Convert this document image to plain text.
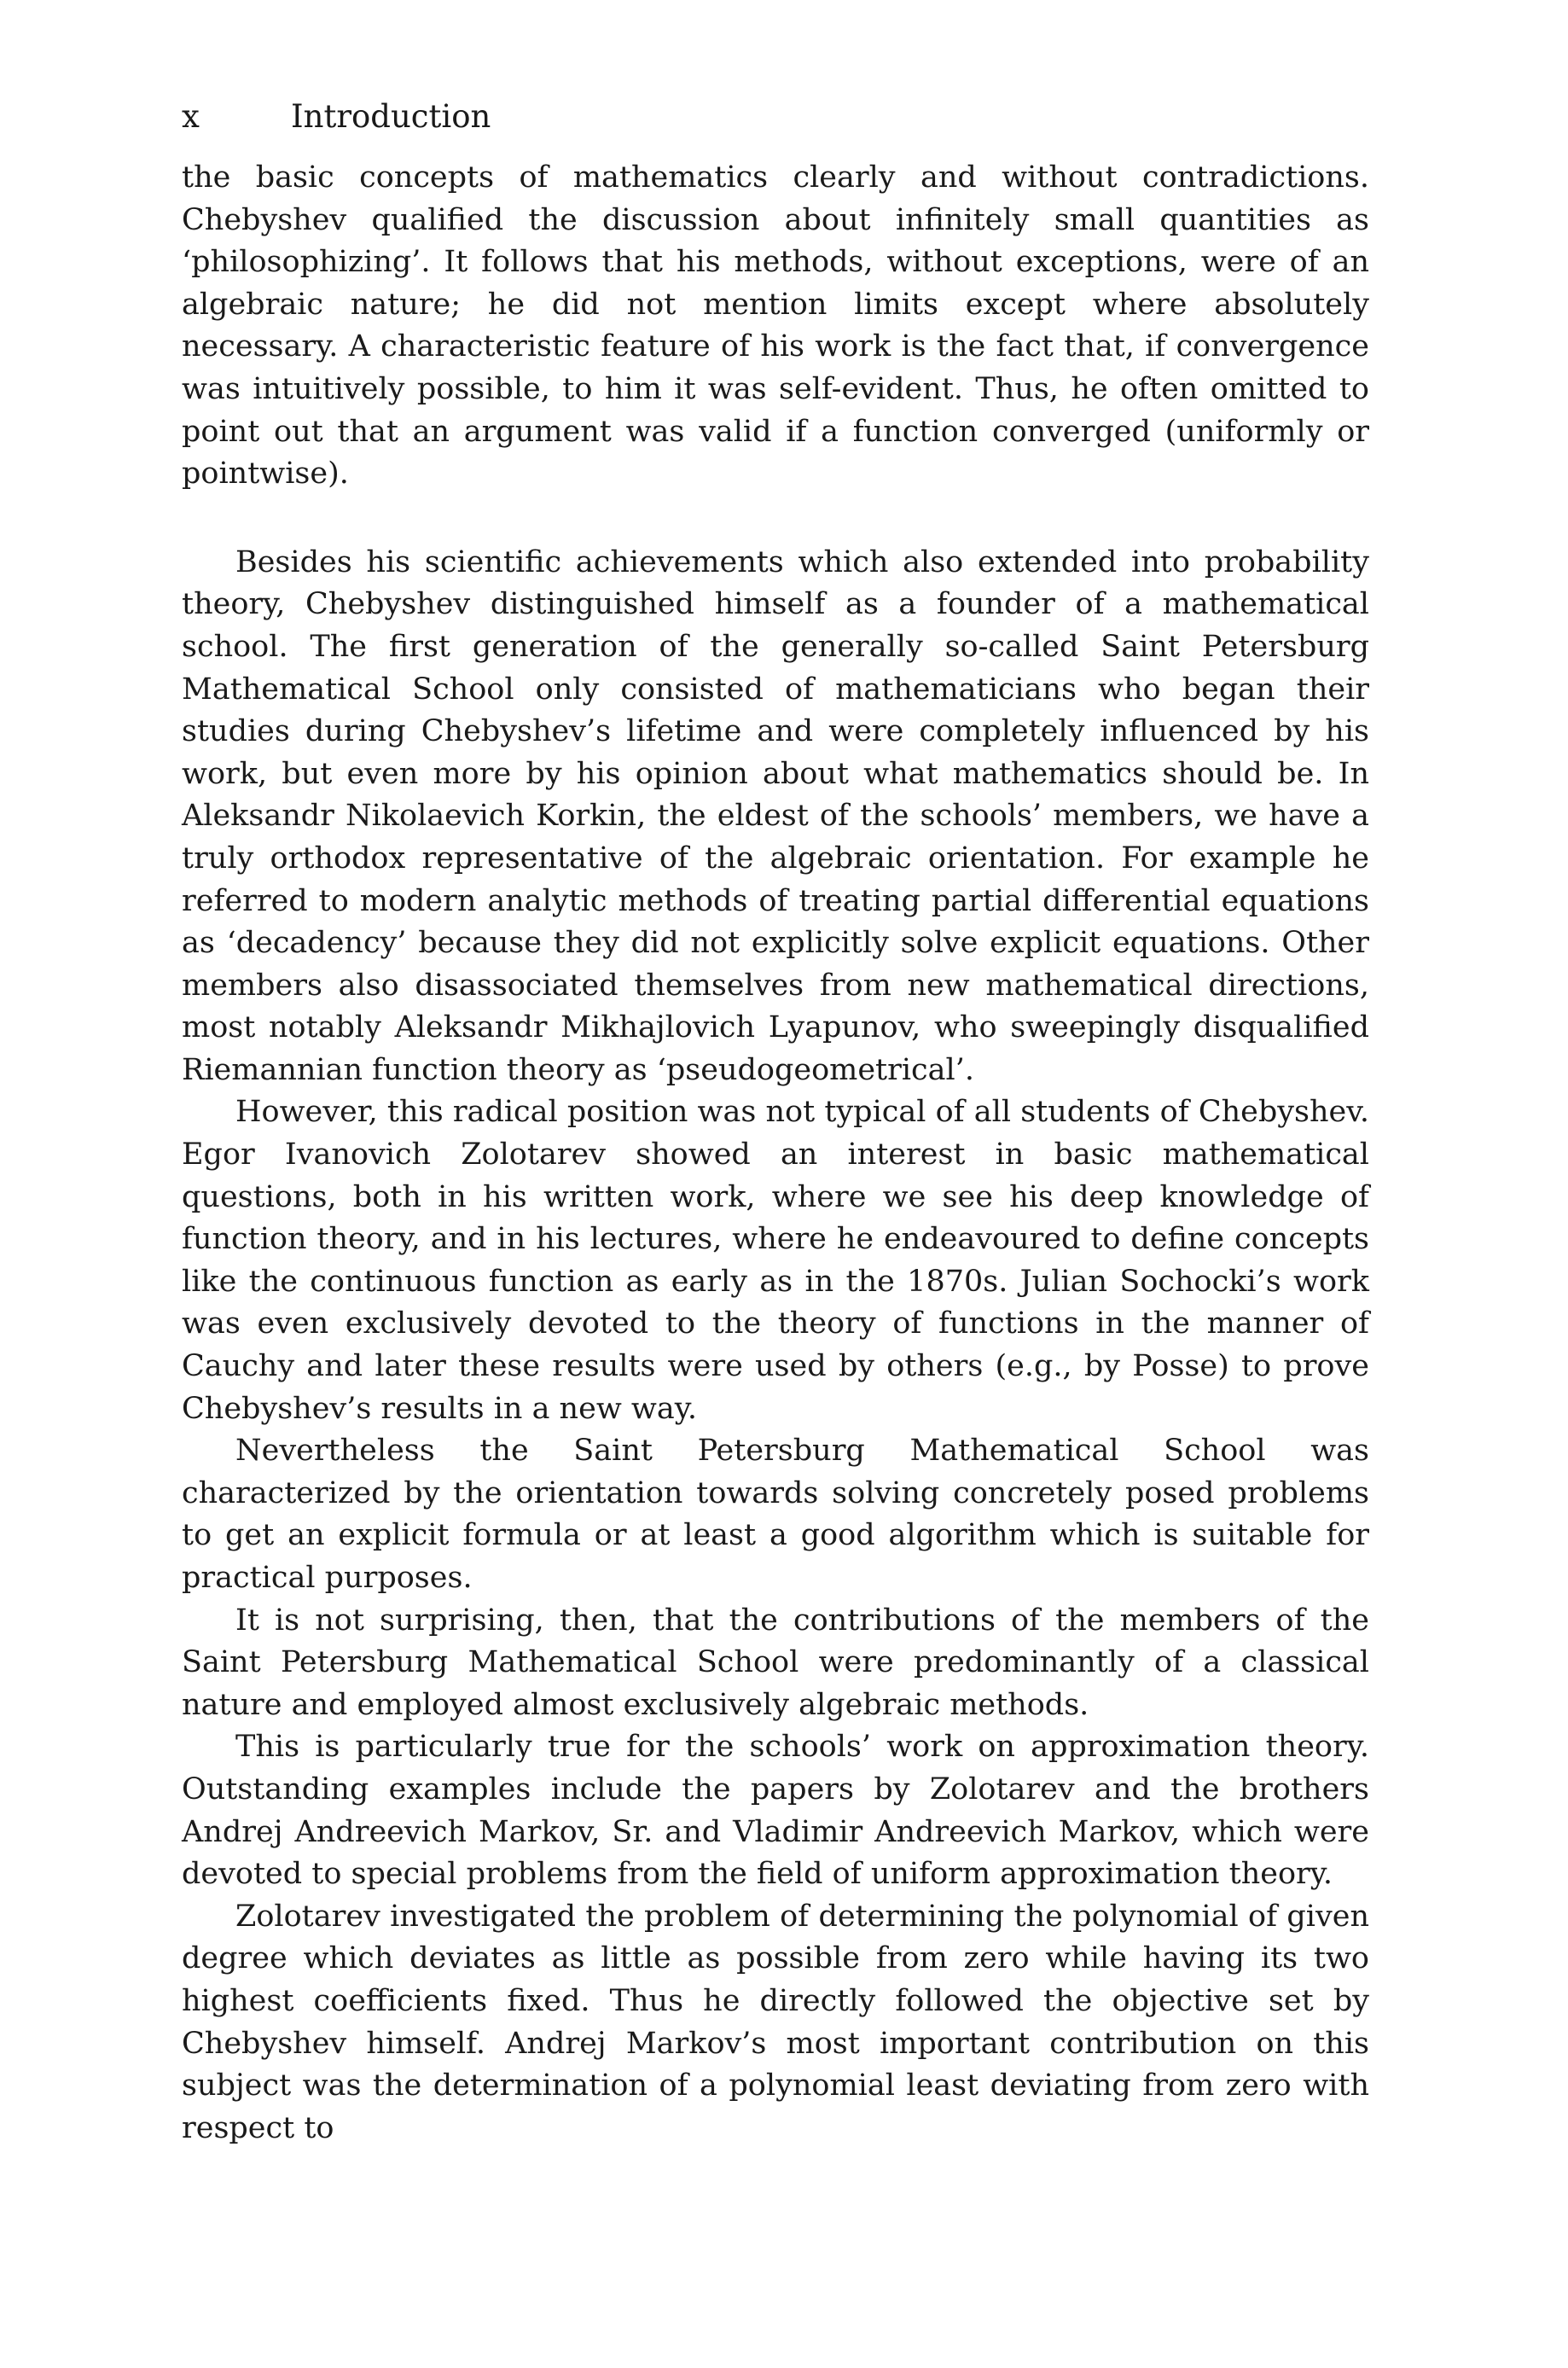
x	Introduction

the basic concepts of mathematics clearly and without contradictions. Chebyshev qualified the discussion about infinitely small quantities as ‘philosophizing’. It follows that his methods, without exceptions, were of an algebraic nature; he did not mention limits except where absolutely necessary. A characteristic feature of his work is the fact that, if convergence was intuitively possible, to him it was self-evident. Thus, he often omitted to point out that an argument was valid if a function converged (uniformly or pointwise).

Besides his scientific achievements which also extended into probability theory, Chebyshev distinguished himself as a founder of a mathematical school. The first generation of the generally so-called Saint Petersburg Mathematical School only consisted of mathematicians who began their studies during Chebyshev’s lifetime and were completely influenced by his work, but even more by his opinion about what mathematics should be. In Aleksandr Nikolaevich Korkin, the eldest of the schools’ members, we have a truly orthodox representative of the algebraic orientation. For example he referred to modern analytic methods of treating partial differential equations as ‘decadency’ because they did not explicitly solve explicit equations. Other members also disassociated themselves from new mathematical directions, most notably Aleksandr Mikhajlovich Lyapunov, who sweepingly disqualified Riemannian function theory as ‘pseudogeometrical’.

However, this radical position was not typical of all students of Chebyshev. Egor Ivanovich Zolotarev showed an interest in basic mathematical questions, both in his written work, where we see his deep knowledge of function theory, and in his lectures, where he endeavoured to define concepts like the continuous function as early as in the 1870s. Julian Sochocki’s work was even exclusively devoted to the theory of functions in the manner of Cauchy and later these results were used by others (e.g., by Posse) to prove Chebyshev’s results in a new way.

Nevertheless the Saint Petersburg Mathematical School was characterized by the orientation towards solving concretely posed problems to get an explicit formula or at least a good algorithm which is suitable for practical purposes.

It is not surprising, then, that the contributions of the members of the Saint Petersburg Mathematical School were predominantly of a classical nature and employed almost exclusively algebraic methods.

This is particularly true for the schools’ work on approximation theory. Outstanding examples include the papers by Zolotarev and the brothers Andrej Andreevich Markov, Sr. and Vladimir Andreevich Markov, which were devoted to special problems from the field of uniform approximation theory.

Zolotarev investigated the problem of determining the polynomial of given degree which deviates as little as possible from zero while having its two highest coefficients fixed. Thus he directly followed the objective set by Chebyshev himself. Andrej Markov’s most important contribution on this subject was the determination of a polynomial least deviating from zero with respect to
